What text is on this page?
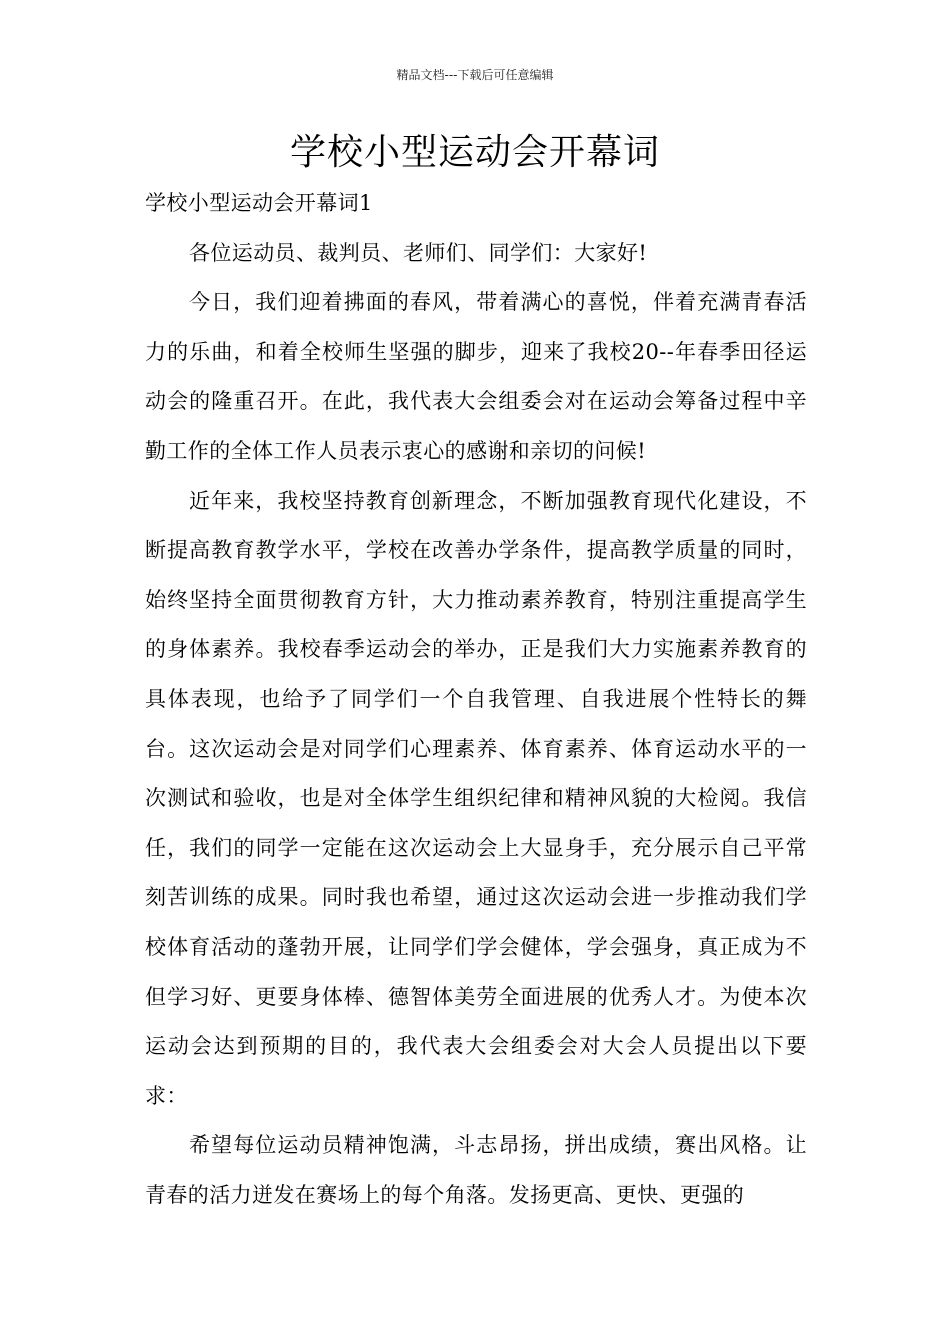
精品文档---下载后可任意编辑
学校小型运动会开幕词

学校小型运动会开幕词1

各位运动员、裁判员、老师们、同学们：大家好!

今日，我们迎着拂面的春风，带着满心的喜悦，伴着充满青春活力的乐曲，和着全校师生坚强的脚步，迎来了我校20--年春季田径运动会的隆重召开。在此，我代表大会组委会对在运动会筹备过程中辛勤工作的全体工作人员表示衷心的感谢和亲切的问候!

近年来，我校坚持教育创新理念，不断加强教育现代化建设，不断提高教育教学水平，学校在改善办学条件，提高教学质量的同时，始终坚持全面贯彻教育方针，大力推动素养教育，特别注重提高学生的身体素养。我校春季运动会的举办，正是我们大力实施素养教育的具体表现，也给予了同学们一个自我管理、自我进展个性特长的舞台。这次运动会是对同学们心理素养、体育素养、体育运动水平的一次测试和验收，也是对全体学生组织纪律和精神风貌的大检阅。我信任，我们的同学一定能在这次运动会上大显身手，充分展示自己平常刻苦训练的成果。同时我也希望，通过这次运动会进一步推动我们学校体育活动的蓬勃开展，让同学们学会健体，学会强身，真正成为不但学习好、更要身体棒、德智体美劳全面进展的优秀人才。为使本次运动会达到预期的目的，我代表大会组委会对大会人员提出以下要求：

希望每位运动员精神饱满，斗志昂扬，拼出成绩，赛出风格。让青春的活力迸发在赛场上的每个角落。发扬更高、更快、更强的
